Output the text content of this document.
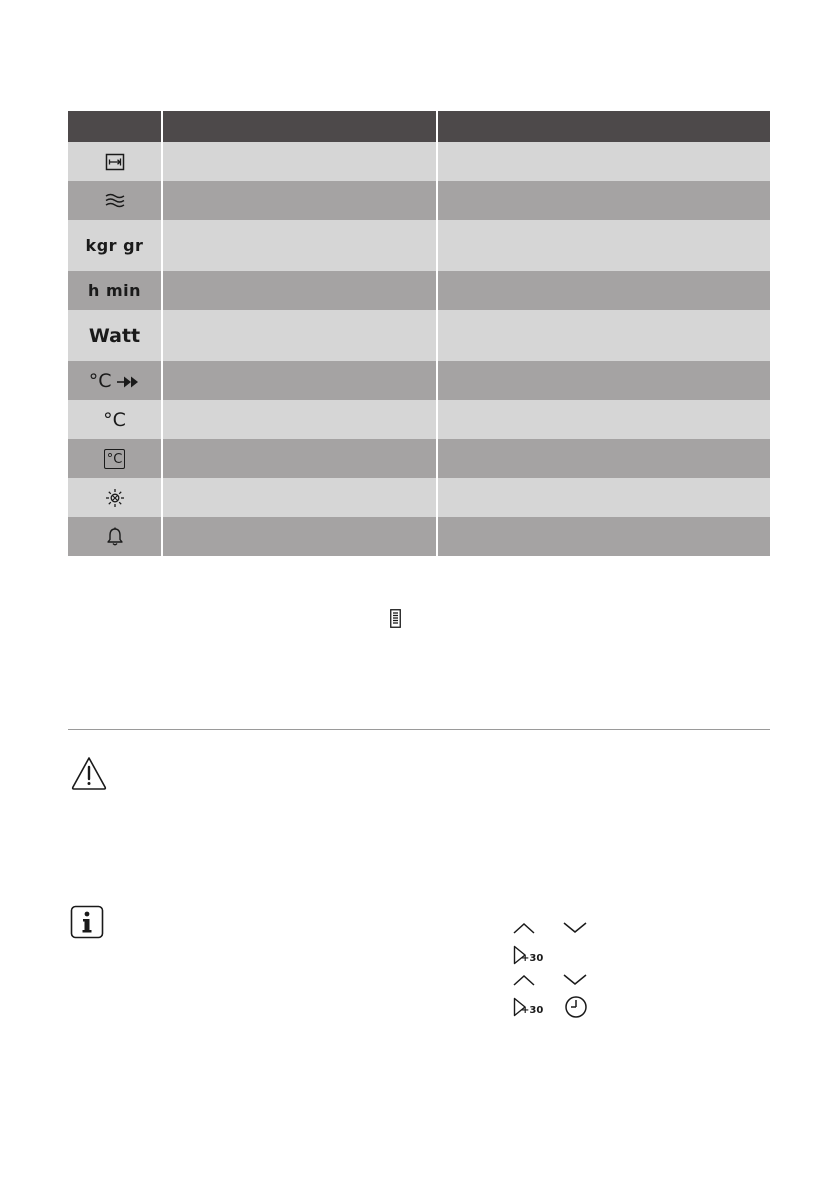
kgr gr		
h min		
Watt		
°C		
°C		
°C		

+30
+30
